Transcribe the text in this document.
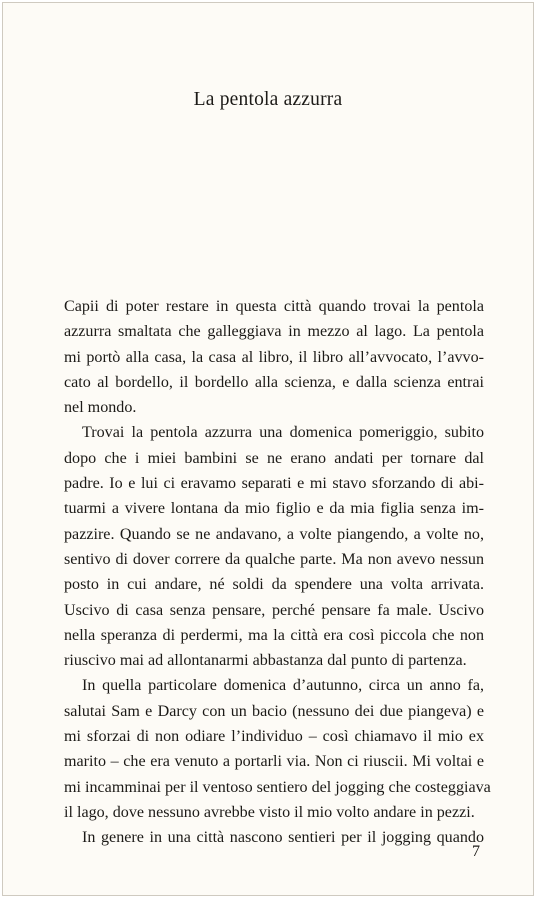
La pentola azzurra
Capii di poter restare in questa città quando trovai la pentola
azzurra smaltata che galleggiava in mezzo al lago. La pentola
mi portò alla casa, la casa al libro, il libro all’avvocato, l’avvo-
cato al bordello, il bordello alla scienza, e dalla scienza entrai
nel mondo.
Trovai la pentola azzurra una domenica pomeriggio, subito
dopo che i miei bambini se ne erano andati per tornare dal
padre. Io e lui ci eravamo separati e mi stavo sforzando di abi-
tuarmi a vivere lontana da mio figlio e da mia figlia senza im-
pazzire. Quando se ne andavano, a volte piangendo, a volte no,
sentivo di dover correre da qualche parte. Ma non avevo nessun
posto in cui andare, né soldi da spendere una volta arrivata.
Uscivo di casa senza pensare, perché pensare fa male. Uscivo
nella speranza di perdermi, ma la città era così piccola che non
riuscivo mai ad allontanarmi abbastanza dal punto di partenza.
In quella particolare domenica d’autunno, circa un anno fa,
salutai Sam e Darcy con un bacio (nessuno dei due piangeva) e
mi sforzai di non odiare l’individuo – così chiamavo il mio ex
marito – che era venuto a portarli via. Non ci riuscii. Mi voltai e
mi incamminai per il ventoso sentiero del jogging che costeggiava
il lago, dove nessuno avrebbe visto il mio volto andare in pezzi.
In genere in una città nascono sentieri per il jogging quando
7
